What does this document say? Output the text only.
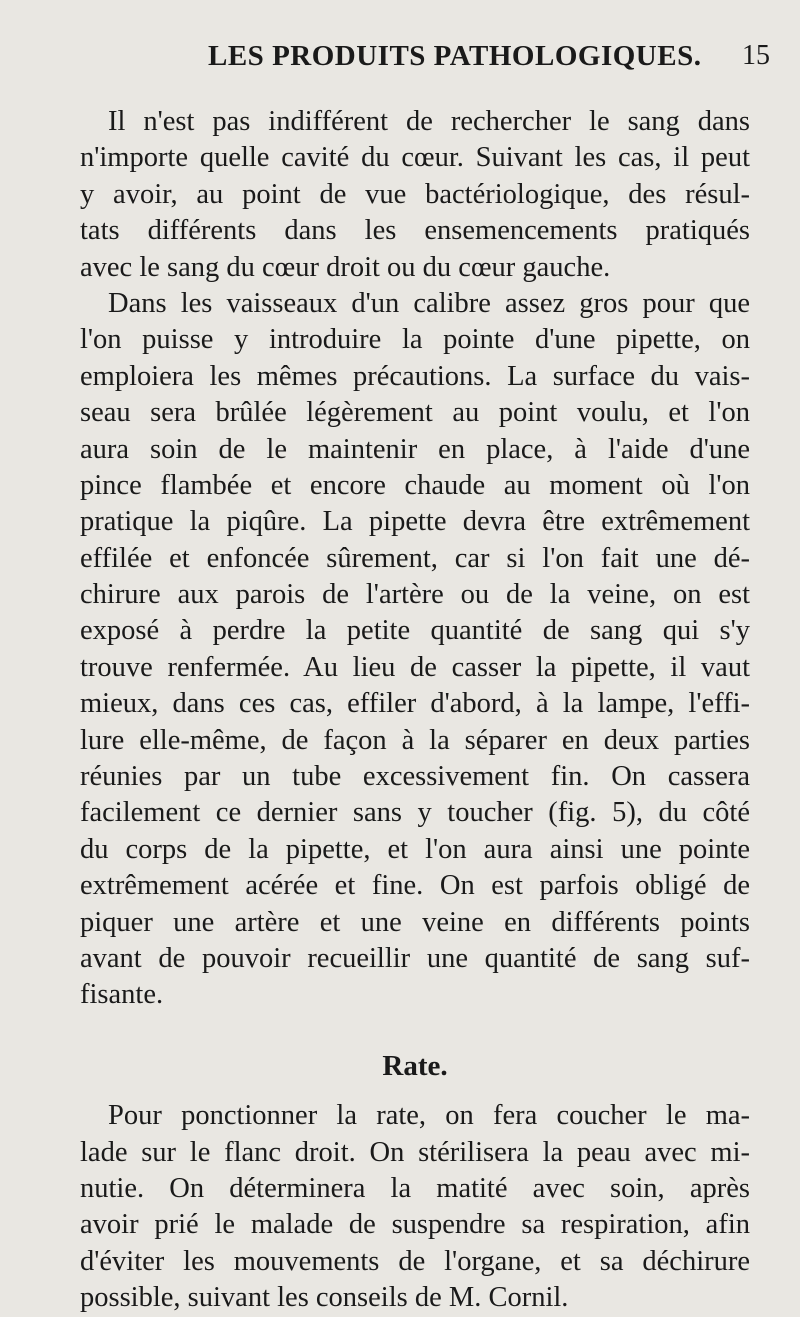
LES PRODUITS PATHOLOGIQUES. 15
Il n'est pas indifférent de rechercher le sang dans
n'importe quelle cavité du cœur. Suivant les cas, il peut
y avoir, au point de vue bactériologique, des résul-
tats différents dans les ensemencements pratiqués
avec le sang du cœur droit ou du cœur gauche.
Dans les vaisseaux d'un calibre assez gros pour que
l'on puisse y introduire la pointe d'une pipette, on
emploiera les mêmes précautions. La surface du vais-
seau sera brûlée légèrement au point voulu, et l'on
aura soin de le maintenir en place, à l'aide d'une
pince flambée et encore chaude au moment où l'on
pratique la piqûre. La pipette devra être extrêmement
effilée et enfoncée sûrement, car si l'on fait une dé-
chirure aux parois de l'artère ou de la veine, on est
exposé à perdre la petite quantité de sang qui s'y
trouve renfermée. Au lieu de casser la pipette, il vaut
mieux, dans ces cas, effiler d'abord, à la lampe, l'effi-
lure elle-même, de façon à la séparer en deux parties
réunies par un tube excessivement fin. On cassera
facilement ce dernier sans y toucher (fig. 5), du côté
du corps de la pipette, et l'on aura ainsi une pointe
extrêmement acérée et fine. On est parfois obligé de
piquer une artère et une veine en différents points
avant de pouvoir recueillir une quantité de sang suf-
fisante.
Rate.
Pour ponctionner la rate, on fera coucher le ma-
lade sur le flanc droit. On stérilisera la peau avec mi-
nutie. On déterminera la matité avec soin, après
avoir prié le malade de suspendre sa respiration, afin
d'éviter les mouvements de l'organe, et sa déchirure
possible, suivant les conseils de M. Cornil.
